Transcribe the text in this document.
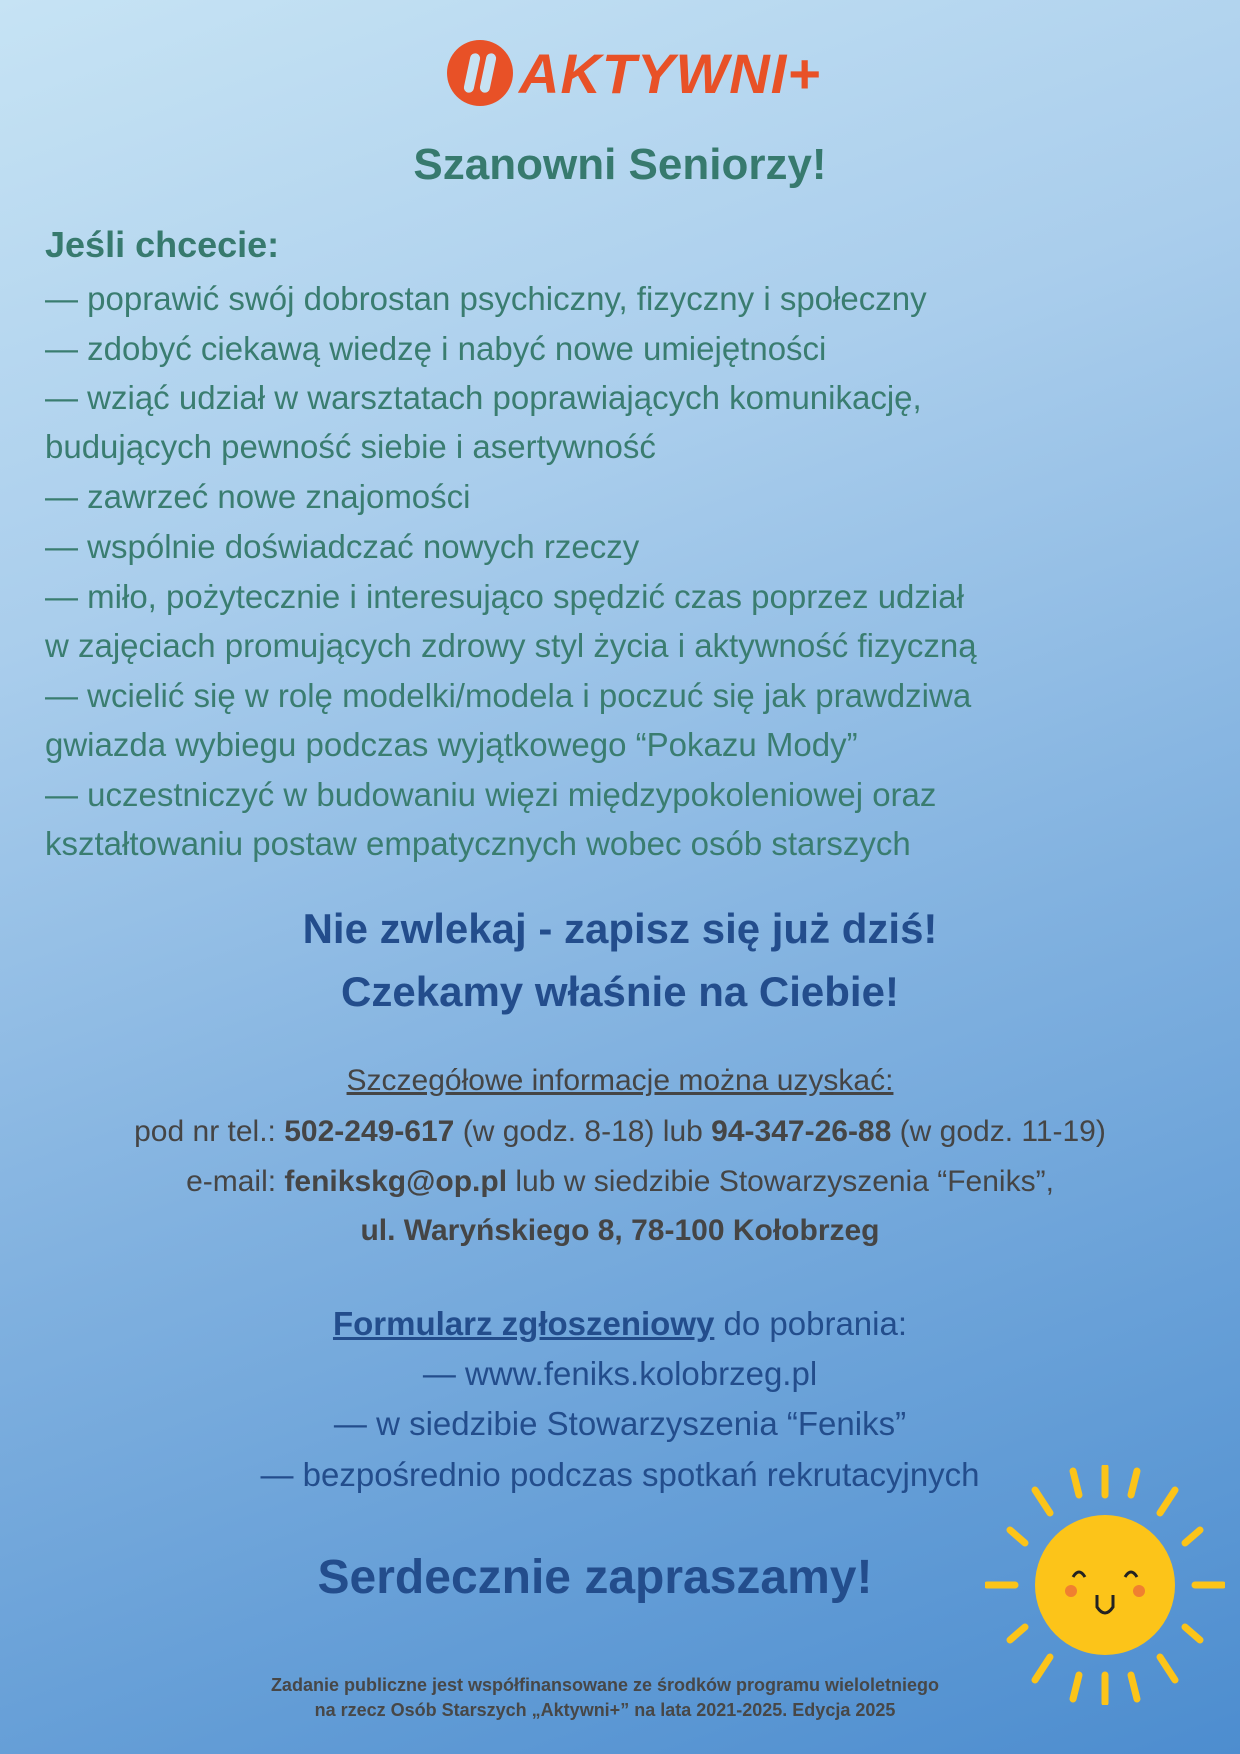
AKTYWNI+
Szanowni Seniorzy!
Jeśli chcecie:
— poprawić swój dobrostan psychiczny, fizyczny i społeczny
— zdobyć ciekawą wiedzę i nabyć nowe umiejętności
— wziąć udział w warsztatach poprawiających komunikację,
budujących pewność siebie i asertywność
— zawrzeć nowe znajomości
— wspólnie doświadczać nowych rzeczy
— miło, pożytecznie i interesująco spędzić czas poprzez udział
w zajęciach promujących zdrowy styl życia i aktywność fizyczną
— wcielić się w rolę modelki/modela i poczuć się jak prawdziwa
gwiazda wybiegu podczas wyjątkowego “Pokazu Mody”
— uczestniczyć w budowaniu więzi międzypokoleniowej oraz
kształtowaniu postaw empatycznych wobec osób starszych
Nie zwlekaj - zapisz się już dziś!
Czekamy właśnie na Ciebie!
Szczegółowe informacje można uzyskać:
pod nr tel.: 502-249-617 (w godz. 8-18) lub 94-347-26-88 (w godz. 11-19)
e-mail: fenikskg@op.pl lub w siedzibie Stowarzyszenia “Feniks”,
ul. Waryńskiego 8, 78-100 Kołobrzeg
Formularz zgłoszeniowy do pobrania:
— www.feniks.kolobrzeg.pl
— w siedzibie Stowarzyszenia “Feniks”
— bezpośrednio podczas spotkań rekrutacyjnych
Serdecznie zapraszamy!
Zadanie publiczne jest współfinansowane ze środków programu wieloletniego
na rzecz Osób Starszych „Aktywni+” na lata 2021-2025. Edycja 2025
